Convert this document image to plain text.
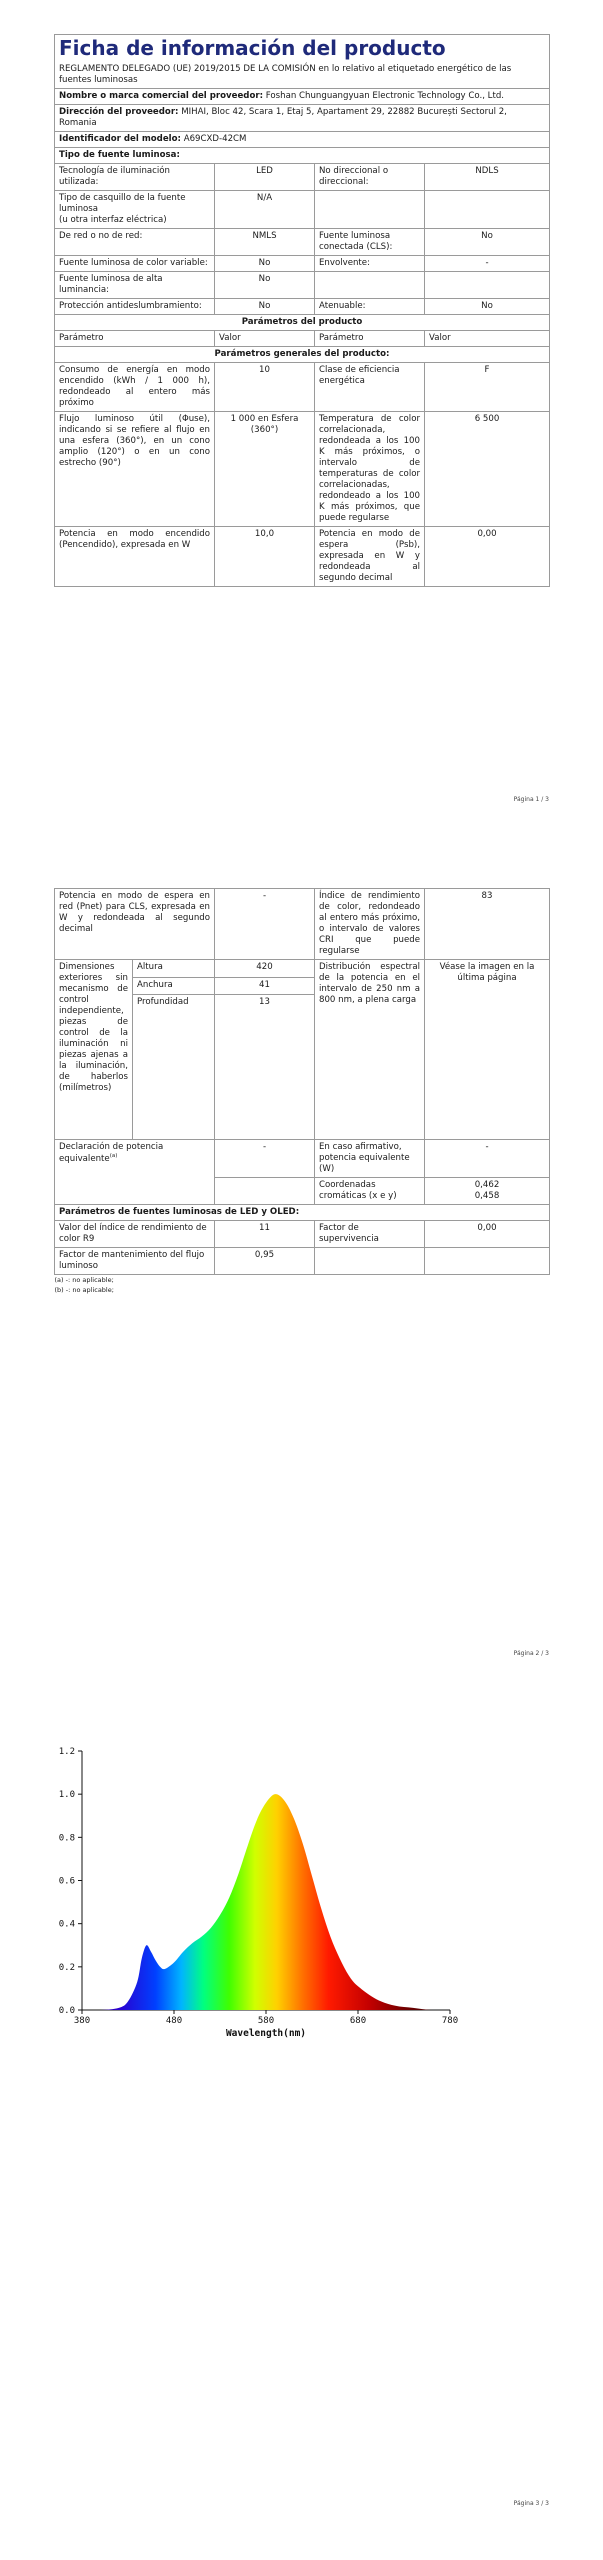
Ficha de información del producto
REGLAMENTO DELEGADO (UE) 2019/2015 DE LA COMISIÓN en lo relativo al etiquetado energético de las fuentes luminosas			

Nombre o marca comercial del proveedor: Foshan Chunguangyuan Electronic Technology Co., Ltd.			
Dirección del proveedor: MIHAI, Bloc 42, Scara 1, Etaj 5, Apartament 29, 22882 București Sectorul 2, Romania			
Identificador del modelo: A69CXD-42CM			
Tipo de fuente luminosa:			
Tecnología de iluminación utilizada:	LED	No direccional o direccional:	NDLS

Tipo de casquillo de la fuente luminosa
(u otra interfaz eléctrica)	N/A		
De red o no de red:	NMLS	Fuente luminosa conectada (CLS):	No
Fuente luminosa de color variable:	No	Envolvente:	-
Fuente luminosa de alta luminancia:	No		
Protección antideslumbramiento:	No	Atenuable:	No
Parámetros del producto			
Parámetro	Valor	Parámetro	Valor
Parámetros generales del producto:			
Consumo de energía en modo encendido (kWh / 1 000 h), redondeado al entero más próximo	10	Clase de eficiencia energética	F
Flujo luminoso útil (Φuse), indicando si se refiere al flujo en una esfera (360°), en un cono amplio (120°) o en un cono estrecho (90°)	1 000 en Esfera (360°)	Temperatura de color correlacionada, redondeada a los 100 K más próximos, o intervalo de temperaturas de color correlacionadas, redondeado a los 100 K más próximos, que puede regularse	6 500
Potencia en modo encendido (Pencendido), expresada en W	10,0	Potencia en modo de espera (Psb), expresada en W y redondeada al segundo decimal	0,00
Página 1 / 3
Potencia en modo de espera en red (Pnet) para CLS, expresada en W y redondeada al segundo decimal		-	Índice de rendimiento de color, redondeado al entero más próximo, o intervalo de valores CRI que puede regularse	83
Dimensiones exteriores sin mecanismo de control independiente, piezas de control de la iluminación ni piezas ajenas a la iluminación, de haberlos (milímetros)	Altura	420	Distribución espectral de la potencia en el intervalo de 250 nm a 800 nm, a plena carga	Véase la imagen en la última página
	Anchura	41		
	Profundidad	13		
Declaración de potencia equivalente$^{(a)}$		-	En caso afirmativo, potencia equivalente (W)	-
			Coordenadas cromáticas (x e y)	0,462
0,458

Parámetros de fuentes luminosas de LED y OLED:				
Valor del índice de rendimiento de color R9		11	Factor de supervivencia	0,00
Factor de mantenimiento del flujo luminoso		0,95		
(a) -: no aplicable;				
(b) -: no aplicable;				
Página 2 / 3
0.0
0.2
0.4
0.6
0.8
1.0
1.2
380	480	580	680	780
Wavelength(nm)
Página 3 / 3
